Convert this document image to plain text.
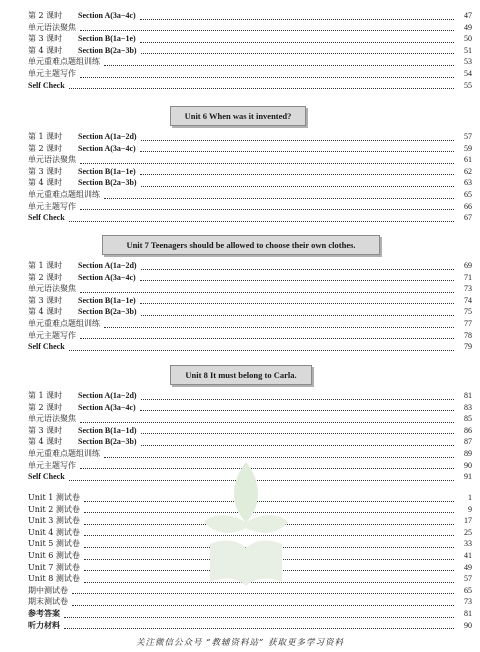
第 2 课时	Section A(3a−4c)	47
单元语法聚焦	49
第 3 课时	Section B(1a−1e)	50
第 4 课时	Section B(2a−3b)	51
单元重难点题组训练	53
单元主题写作	54
Self Check	55
Unit 6 When was it invented?
第 1 课时	Section A(1a−2d)	57
第 2 课时	Section A(3a−4c)	59
单元语法聚焦	61
第 3 课时	Section B(1a−1e)	62
第 4 课时	Section B(2a−3b)	63
单元重难点题组训练	65
单元主题写作	66
Self Check	67
Unit 7 Teenagers should be allowed to choose their own clothes.
第 1 课时	Section A(1a−2d)	69
第 2 课时	Section A(3a−4c)	71
单元语法聚焦	73
第 3 课时	Section B(1a−1e)	74
第 4 课时	Section B(2a−3b)	75
单元重难点题组训练	77
单元主题写作	78
Self Check	79
Unit 8 It must belong to Carla.
第 1 课时	Section A(1a−2d)	81
第 2 课时	Section A(3a−4c)	83
单元语法聚焦	85
第 3 课时	Section B(1a−1d)	86
第 4 课时	Section B(2a−3b)	87
单元重难点题组训练	89
单元主题写作	90
Self Check	91
Unit 1 测试卷	1
Unit 2 测试卷	9
Unit 3 测试卷	17
Unit 4 测试卷	25
Unit 5 测试卷	33
Unit 6 测试卷	41
Unit 7 测试卷	49
Unit 8 测试卷	57
期中测试卷	65
期末测试卷	73
参考答案	81
听力材料	90
关注微信公众号 “教辅资料站” 获取更多学习资料
